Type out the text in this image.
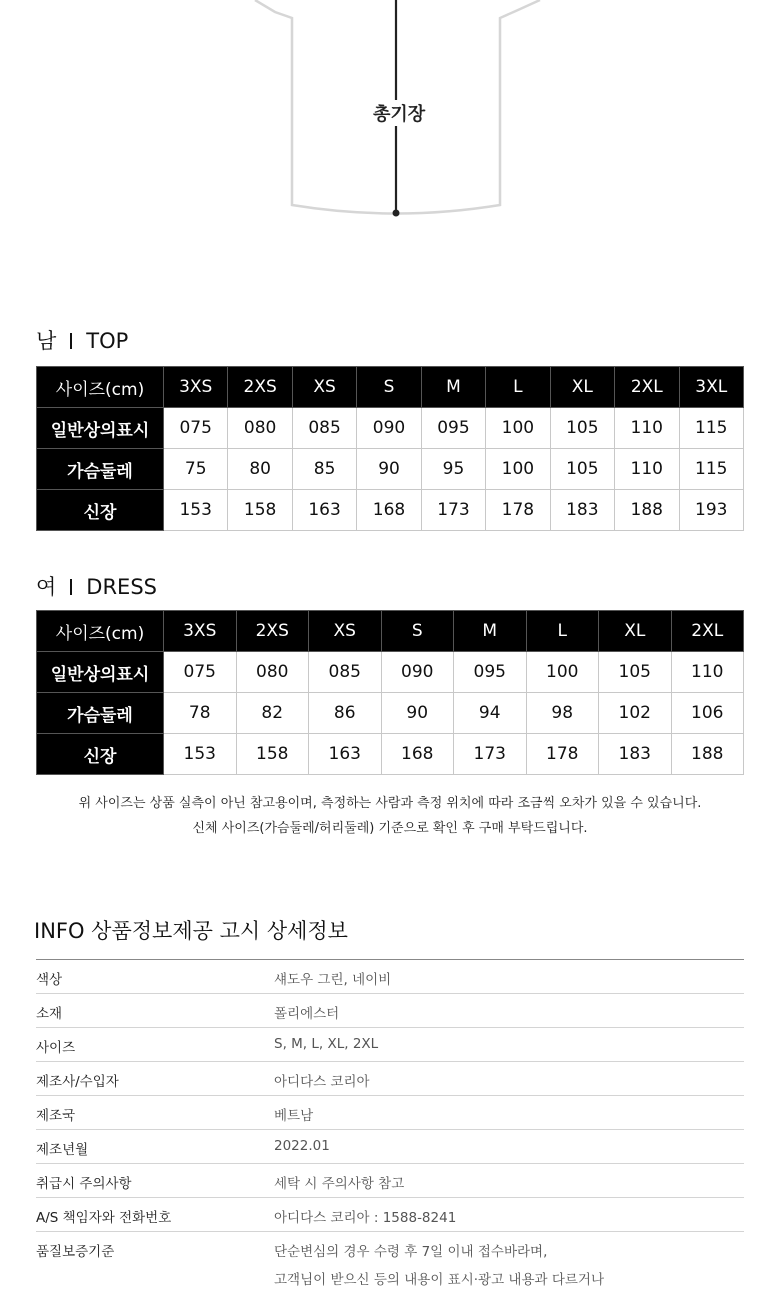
총기장
남 TOP
사이즈(cm)	3XS	2XS	XS	S	M	L	XL	2XL	3XL
일반상의표시	075	080	085	090	095	100	105	110	115
가슴둘레	75	80	85	90	95	100	105	110	115
신장	153	158	163	168	173	178	183	188	193
여 DRESS
사이즈(cm)	3XS	2XS	XS	S	M	L	XL	2XL
일반상의표시	075	080	085	090	095	100	105	110
가슴둘레	78	82	86	90	94	98	102	106
신장	153	158	163	168	173	178	183	188
위 사이즈는 상품 실측이 아닌 참고용이며, 측정하는 사람과 측정 위치에 따라 조금씩 오차가 있을 수 있습니다.
신체 사이즈(가슴둘레/허리둘레) 기준으로 확인 후 구매 부탁드립니다.
INFO 상품정보제공 고시 상세정보
색상	섀도우 그린, 네이비
소재	폴리에스터
사이즈	S, M, L, XL, 2XL
제조사/수입자	아디다스 코리아
제조국	베트남
제조년월	2022.01
취급시 주의사항	세탁 시 주의사항 참고
A/S 책임자와 전화번호	아디다스 코리아 : 1588-8241
품질보증기준	단순변심의 경우 수령 후 7일 이내 접수바라며,
고객님이 받으신 등의 내용이 표시·광고 내용과 다르거나
